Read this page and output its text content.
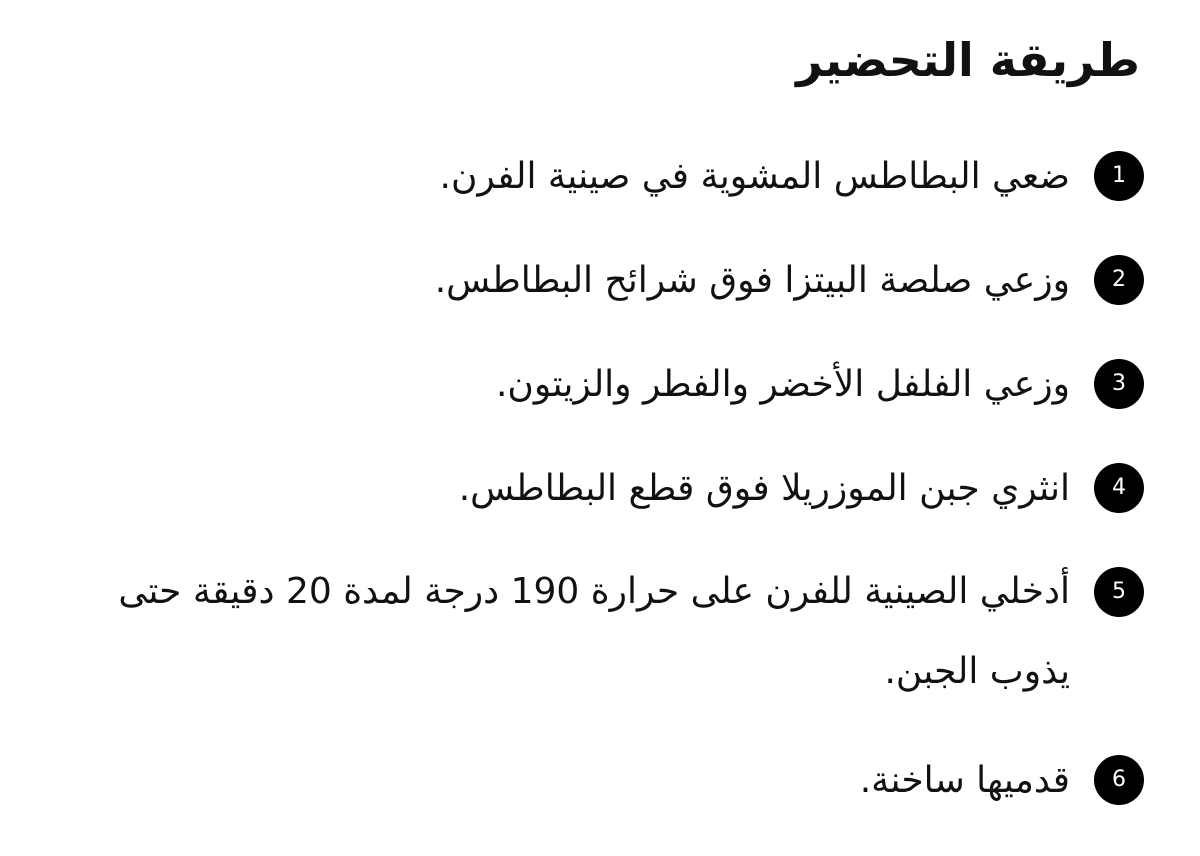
طريقة التحضير
1
ضعي البطاطس المشوية في صينية الفرن.
2
وزعي صلصة البيتزا فوق شرائح البطاطس.
3
وزعي الفلفل الأخضر والفطر والزيتون.
4
انثري جبن الموزريلا فوق قطع البطاطس.
5
أدخلي الصينية للفرن على حرارة 190 درجة لمدة 20 دقيقة حتى يذوب الجبن.
6
قدميها ساخنة.
